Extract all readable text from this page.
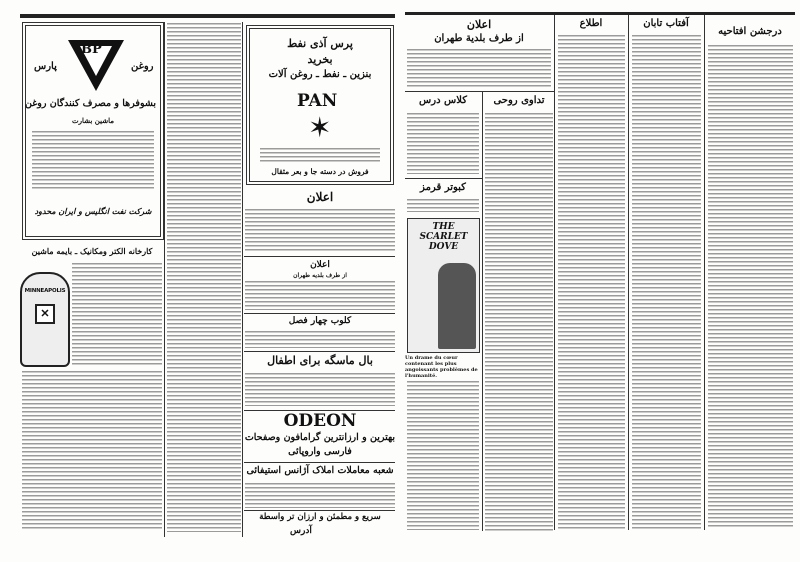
BP
پارس	روغن
بشوفرها و مصرف کنندگان روغن
ماشین بشارت
شرکت نفت انگلیس و ایران محدود
کارخانه الکتر ومکانیک ـ بایمه ماشین
MINNEAPOLIS
✕
پرس آذی نفط
بخرید
بنزین ـ نفط ـ روغن آلات
PAN
✶
فروش در دسته جا و بعر مثقال
اعلان
اعلان
از طرف بلدیه طهران
کلوب چهار فصل
بال ماسگه برای اطفال
ODEON
بهترین و ارزانترین گرامافون وصفحات
فارسی واروپائی
شعبه معاملات املاک آژانس استیفائی
سریع و مطمئن و ارزان تر واسطة
آدرس
اعلان
از طرف بلدیة طهران
تداوی روحی
کلاس درس
کبوتر قرمز
THE SCARLET DOVE
Un drame du cœur contenant les plus angoissants problèmes de l'humanité.
اطلاع	آفتاب تابان
درجشن افتاحیه
